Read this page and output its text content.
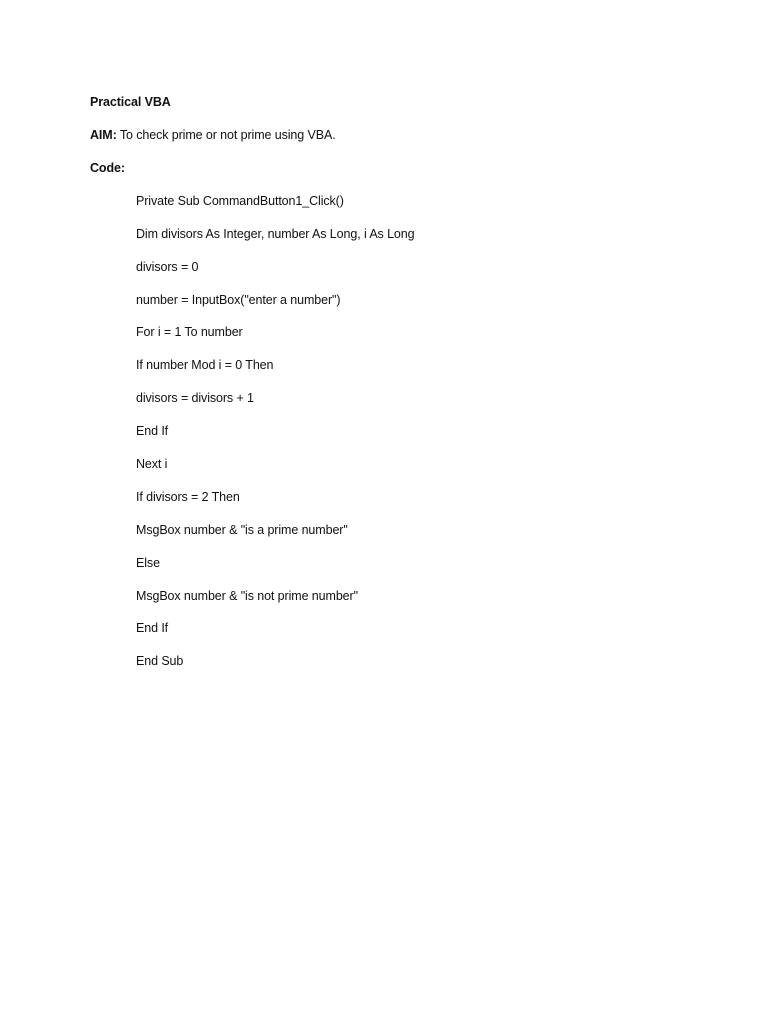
Practical VBA
AIM: To check prime or not prime using VBA.
Code:
Private Sub CommandButton1_Click()
Dim divisors As Integer, number As Long, i As Long
divisors = 0
number = InputBox("enter a number")
For i = 1 To number
If number Mod i = 0 Then
divisors = divisors + 1
End If
Next i
If divisors = 2 Then
MsgBox number & "is a prime number"
Else
MsgBox number & "is not prime number"
End If
End Sub
